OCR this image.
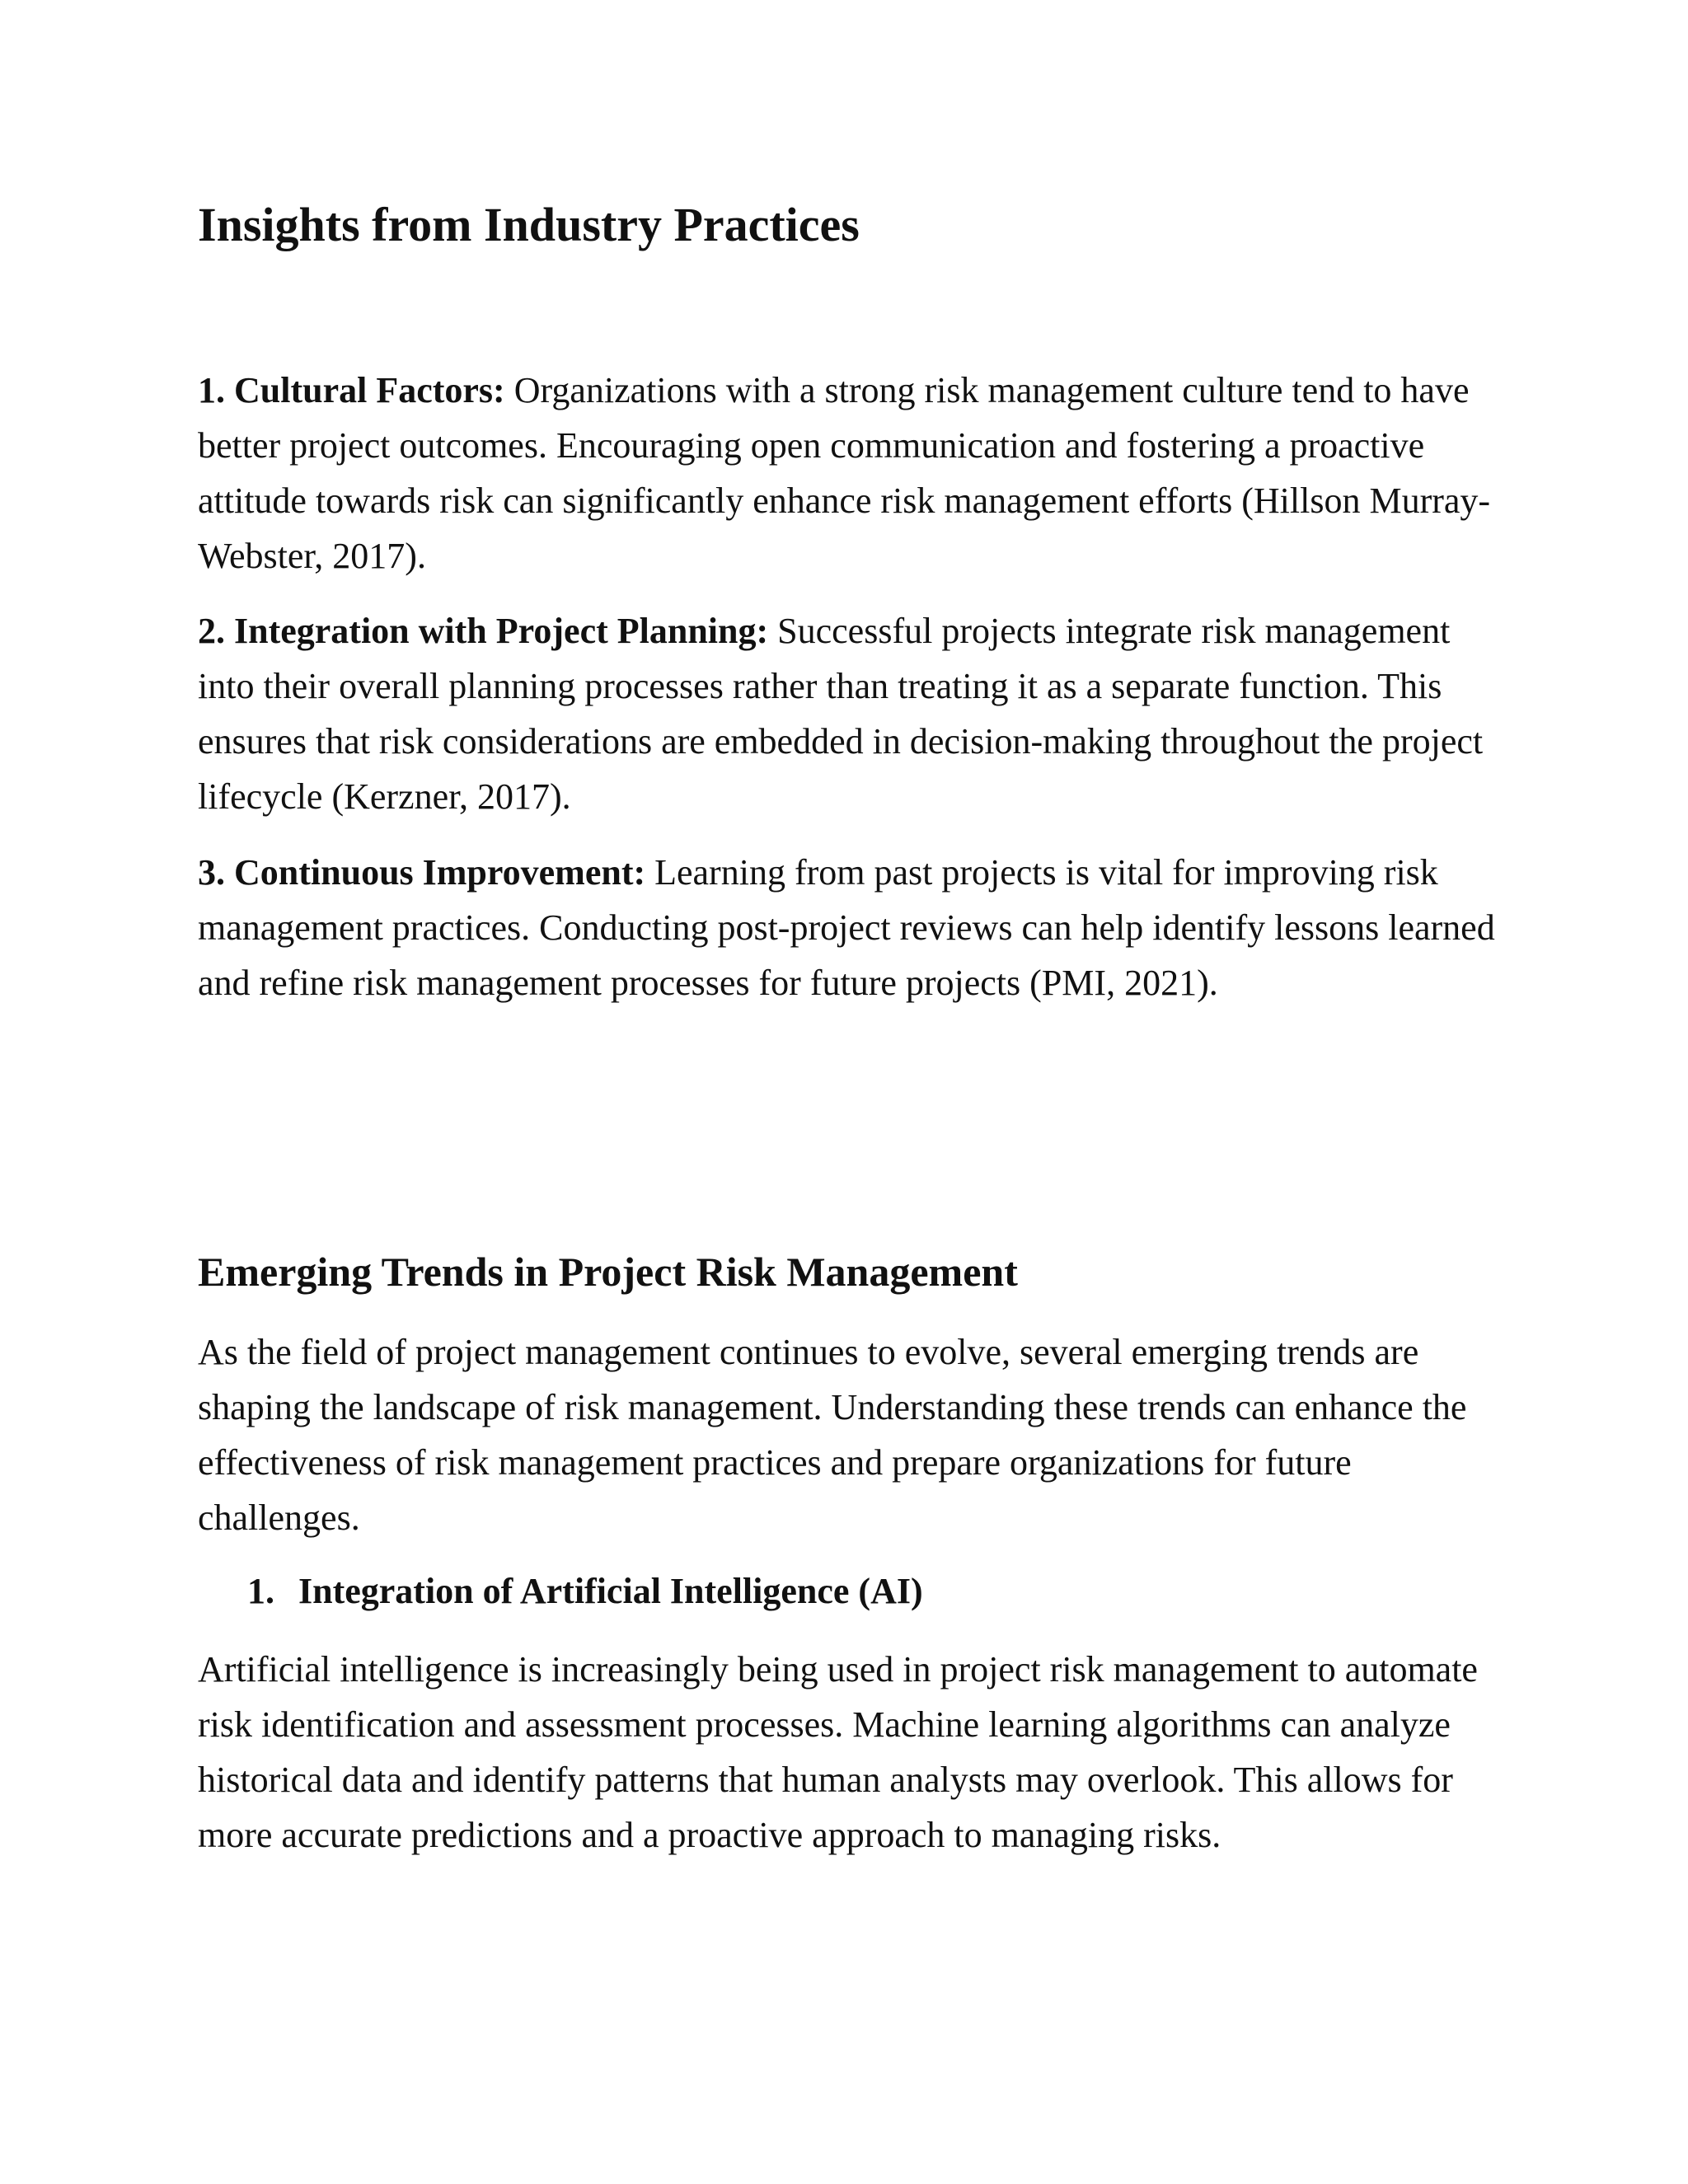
Insights from Industry Practices

1. Cultural Factors: Organizations with a strong risk management culture tend to have better project outcomes. Encouraging open communication and fostering a proactive attitude towards risk can significantly enhance risk management efforts (Hillson Murray-Webster, 2017).

2. Integration with Project Planning: Successful projects integrate risk management into their overall planning processes rather than treating it as a separate function. This ensures that risk considerations are embedded in decision-making throughout the project lifecycle (Kerzner, 2017).

3. Continuous Improvement: Learning from past projects is vital for improving risk management practices. Conducting post-project reviews can help identify lessons learned and refine risk management processes for future projects (PMI, 2021).

Emerging Trends in Project Risk Management

As the field of project management continues to evolve, several emerging trends are shaping the landscape of risk management. Understanding these trends can enhance the effectiveness of risk management practices and prepare organizations for future challenges.

1. Integration of Artificial Intelligence (AI)

Artificial intelligence is increasingly being used in project risk management to automate risk identification and assessment processes. Machine learning algorithms can analyze historical data and identify patterns that human analysts may overlook. This allows for more accurate predictions and a proactive approach to managing risks.
